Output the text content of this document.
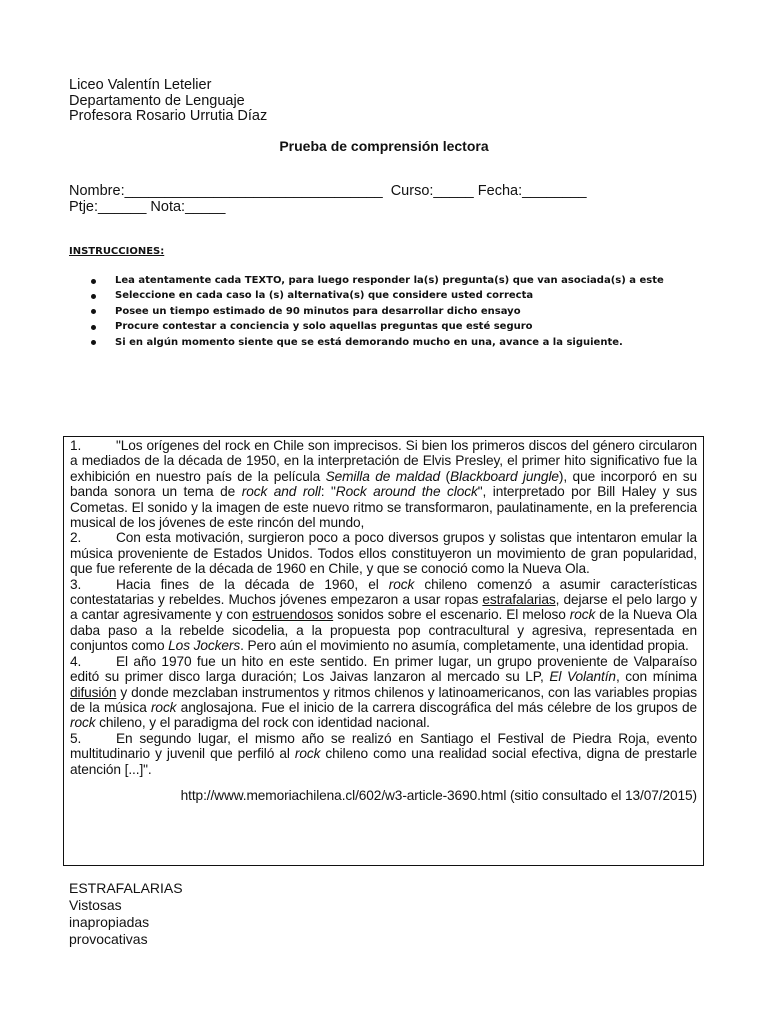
Liceo Valentín Letelier
Departamento de Lenguaje
Profesora Rosario Urrutia Díaz
Prueba de comprensión lectora
Nombre:________________________________  Curso:_____ Fecha:________
Ptje:______ Nota:_____
INSTRUCCIONES:
Lea atentamente cada TEXTO, para luego responder la(s) pregunta(s) que van asociada(s) a este
Seleccione en cada caso la (s) alternativa(s) que considere usted correcta
Posee un tiempo estimado de 90 minutos para desarrollar dicho ensayo
Procure contestar a conciencia y solo aquellas preguntas que esté seguro
Si en algún momento siente que se está demorando mucho en una, avance a la siguiente.

1.	"Los orígenes del rock en Chile son imprecisos. Si bien los primeros discos del género circularon a mediados de la década de 1950, en la interpretación de Elvis Presley, el primer hito significativo fue la exhibición en nuestro país de la película Semilla de maldad (Blackboard jungle), que incorporó en su banda sonora un tema de rock and roll: "Rock around the clock", interpretado por Bill Haley y sus Cometas. El sonido y la imagen de este nuevo ritmo se transformaron, paulatinamente, en la preferencia musical de los jóvenes de este rincón del mundo,

2.	Con esta motivación, surgieron poco a poco diversos grupos y solistas que intentaron emular la música proveniente de Estados Unidos. Todos ellos constituyeron un movimiento de gran popularidad, que fue referente de la década de 1960 en Chile, y que se conoció como la Nueva Ola.

3.	Hacia fines de la década de 1960, el rock chileno comenzó a asumir características contestatarias y rebeldes. Muchos jóvenes empezaron a usar ropas estrafalarias, dejarse el pelo largo y a cantar agresivamente y con estruendosos sonidos sobre el escenario. El meloso rock de la Nueva Ola daba paso a la rebelde sicodelia, a la propuesta pop contracultural y agresiva, representada en conjuntos como Los Jockers. Pero aún el movimiento no asumía, completamente, una identidad propia.

4.	El año 1970 fue un hito en este sentido. En primer lugar, un grupo proveniente de Valparaíso editó su primer disco larga duración; Los Jaivas lanzaron al mercado su LP, El Volantín, con mínima difusión y donde mezclaban instrumentos y ritmos chilenos y latinoamericanos, con las variables propias de la música rock anglosajona. Fue el inicio de la carrera discográfica del más célebre de los grupos de rock chileno, y el paradigma del rock con identidad nacional.

5.	En segundo lugar, el mismo año se realizó en Santiago el Festival de Piedra Roja, evento multitudinario y juvenil que perfiló al rock chileno como una realidad social efectiva, digna de prestarle atención [...]".

http://www.memoriachilena.cl/602/w3-article-3690.html (sitio consultado el 13/07/2015)
ESTRAFALARIAS
Vistosas
inapropiadas
provocativas
